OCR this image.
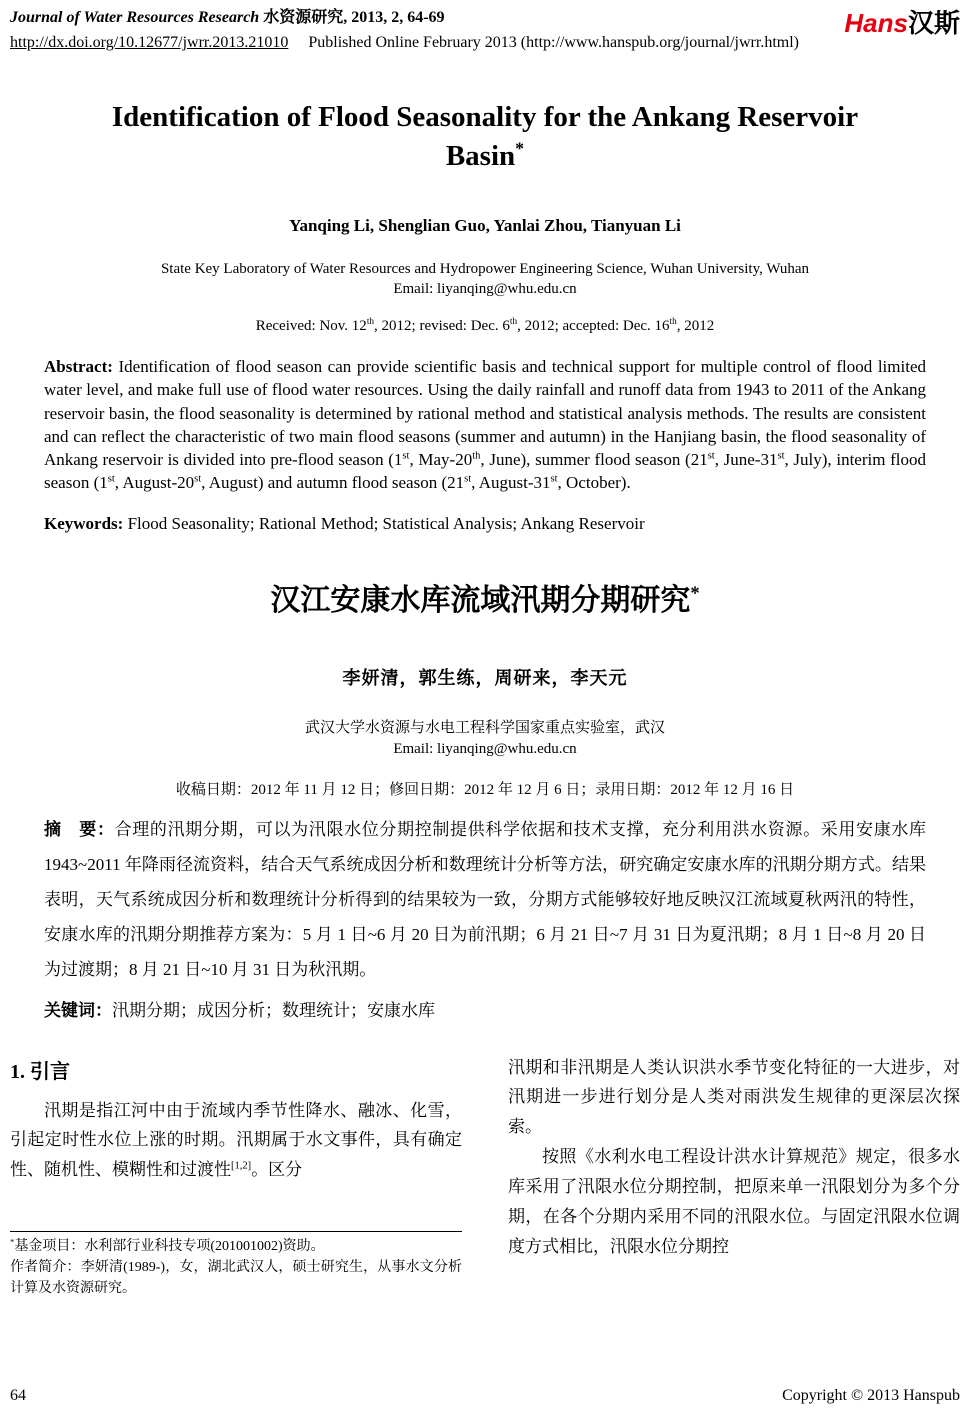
Journal of Water Resources Research 水资源研究, 2013, 2, 64-69
http://dx.doi.org/10.12677/jwrr.2013.21010 Published Online February 2013 (http://www.hanspub.org/journal/jwrr.html)
Hans汉斯
Identification of Flood Seasonality for the Ankang Reservoir Basin*
Yanqing Li, Shenglian Guo, Yanlai Zhou, Tianyuan Li
State Key Laboratory of Water Resources and Hydropower Engineering Science, Wuhan University, Wuhan
Email: liyanqing@whu.edu.cn
Received: Nov. 12th, 2012; revised: Dec. 6th, 2012; accepted: Dec. 16th, 2012

Abstract: Identification of flood season can provide scientific basis and technical support for multiple control of flood limited water level, and make full use of flood water resources. Using the daily rainfall and runoff data from 1943 to 2011 of the Ankang reservoir basin, the flood seasonality is determined by rational method and statistical analysis methods. The results are consistent and can reflect the characteristic of two main flood seasons (summer and autumn) in the Hanjiang basin, the flood seasonality of Ankang reservoir is divided into pre-flood season (1st, May-20th, June), summer flood season (21st, June-31st, July), interim flood season (1st, August-20st, August) and autumn flood season (21st, August-31st, October).

Keywords: Flood Seasonality; Rational Method; Statistical Analysis; Ankang Reservoir

汉江安康水库流域汛期分期研究*
李妍清，郭生练，周研来，李天元
武汉大学水资源与水电工程科学国家重点实验室，武汉
Email: liyanqing@whu.edu.cn
收稿日期：2012 年 11 月 12 日；修回日期：2012 年 12 月 6 日；录用日期：2012 年 12 月 16 日

摘　要：合理的汛期分期，可以为汛限水位分期控制提供科学依据和技术支撑，充分利用洪水资源。采用安康水库 1943~2011 年降雨径流资料，结合天气系统成因分析和数理统计分析等方法，研究确定安康水库的汛期分期方式。结果表明，天气系统成因分析和数理统计分析得到的结果较为一致，分期方式能够较好地反映汉江流域夏秋两汛的特性，安康水库的汛期分期推荐方案为：5 月 1 日~6 月 20 日为前汛期；6 月 21 日~7 月 31 日为夏汛期；8 月 1 日~8 月 20 日为过渡期；8 月 21 日~10 月 31 日为秋汛期。

关键词：汛期分期；成因分析；数理统计；安康水库

1. 引言

汛期是指江河中由于流域内季节性降水、融冰、化雪，引起定时性水位上涨的时期。汛期属于水文事件，具有确定性、随机性、模糊性和过渡性[1,2]。区分

*基金项目：水利部行业科技专项(201001002)资助。

作者简介：李妍清(1989-)，女，湖北武汉人，硕士研究生，从事水文分析计算及水资源研究。

汛期和非汛期是人类认识洪水季节变化特征的一大进步，对汛期进一步进行划分是人类对雨洪发生规律的更深层次探索。

按照《水利水电工程设计洪水计算规范》规定，很多水库采用了汛限水位分期控制，把原来单一汛限划分为多个分期，在各个分期内采用不同的汛限水位。与固定汛限水位调度方式相比，汛限水位分期控

64	Copyright © 2013 Hanspub
